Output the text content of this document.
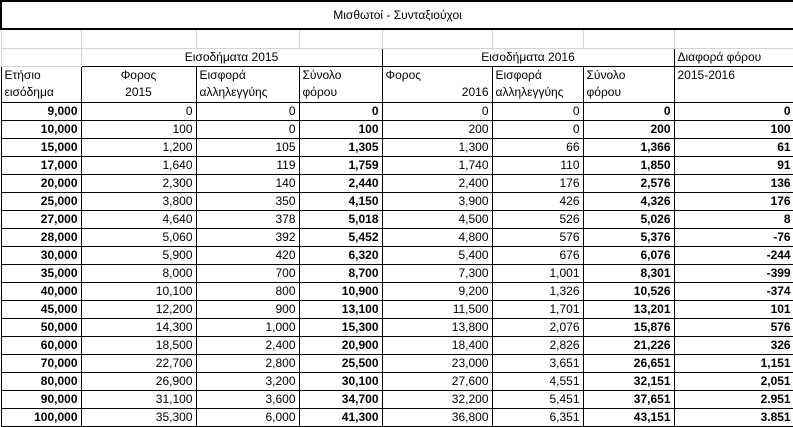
Μισθωτοί - Συνταξιούχοι							

	Εισοδήματα 2015			Εισοδήματα 2016			Διαφορά φόρου
Ετήσιο	Φορος	Εισφορά	Σύνολο	Φορος	Εισφορά	Σύνολο	2015-2016
εισόδημα	2015	αλληλεγγύης	φόρου	2016	αλληλεγγύης	φόρου	
9,000	0	0	0	0	0	0	0
10,000	100	0	100	200	0	200	100
15,000	1,200	105	1,305	1,300	66	1,366	61
17,000	1,640	119	1,759	1,740	110	1,850	91
20,000	2,300	140	2,440	2,400	176	2,576	136
25,000	3,800	350	4,150	3,900	426	4,326	176
27,000	4,640	378	5,018	4,500	526	5,026	8
28,000	5,060	392	5,452	4,800	576	5,376	-76
30,000	5,900	420	6,320	5,400	676	6,076	-244
35,000	8,000	700	8,700	7,300	1,001	8,301	-399
40,000	10,100	800	10,900	9,200	1,326	10,526	-374
45,000	12,200	900	13,100	11,500	1,701	13,201	101
50,000	14,300	1,000	15,300	13,800	2,076	15,876	576
60,000	18,500	2,400	20,900	18,400	2,826	21,226	326
70,000	22,700	2,800	25,500	23,000	3,651	26,651	1,151
80,000	26,900	3,200	30,100	27,600	4,551	32,151	2,051
90,000	31,100	3,600	34,700	32,200	5,451	37,651	2.951
100,000	35,300	6,000	41,300	36,800	6,351	43,151	3.851
